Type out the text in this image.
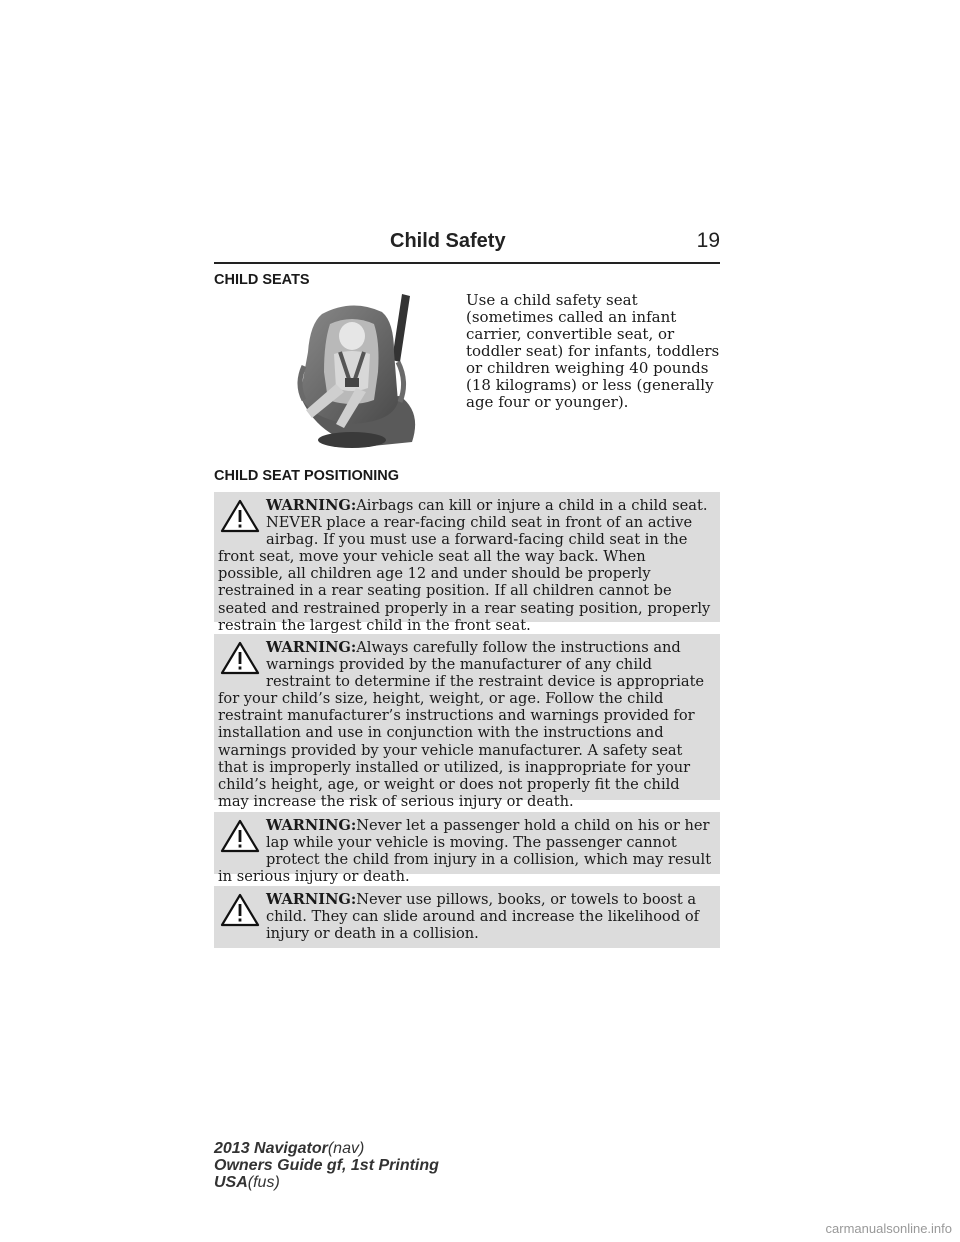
Child Safety	19
CHILD SEATS
Use a child safety seat (sometimes called an infant carrier, convertible seat, or toddler seat) for infants, toddlers or children weighing 40 pounds (18 kilograms) or less (generally age four or younger).
CHILD SEAT POSITIONING

WARNING:Airbags can kill or injure a child in a child seat. NEVER place a rear-facing child seat in front of an active airbag. If you must use a forward-facing child seat in the front seat, move your vehicle seat all the way back. When possible, all children age 12 and under should be properly restrained in a rear seating position. If all children cannot be seated and restrained properly in a rear seating position, properly restrain the largest child in the front seat.

WARNING:Always carefully follow the instructions and warnings provided by the manufacturer of any child restraint to determine if the restraint device is appropriate for your child’s size, height, weight, or age. Follow the child restraint manufacturer’s instructions and warnings provided for installation and use in conjunction with the instructions and warnings provided by your vehicle manufacturer. A safety seat that is improperly installed or utilized, is inappropriate for your child’s height, age, or weight or does not properly fit the child may increase the risk of serious injury or death.

WARNING:Never let a passenger hold a child on his or her lap while your vehicle is moving. The passenger cannot protect the child from injury in a collision, which may result in serious injury or death.

WARNING:Never use pillows, books, or towels to boost a child. They can slide around and increase the likelihood of injury or death in a collision.

2013 Navigator(nav)
Owners Guide gf, 1st Printing
USA(fus)
carmanualsonline.info
